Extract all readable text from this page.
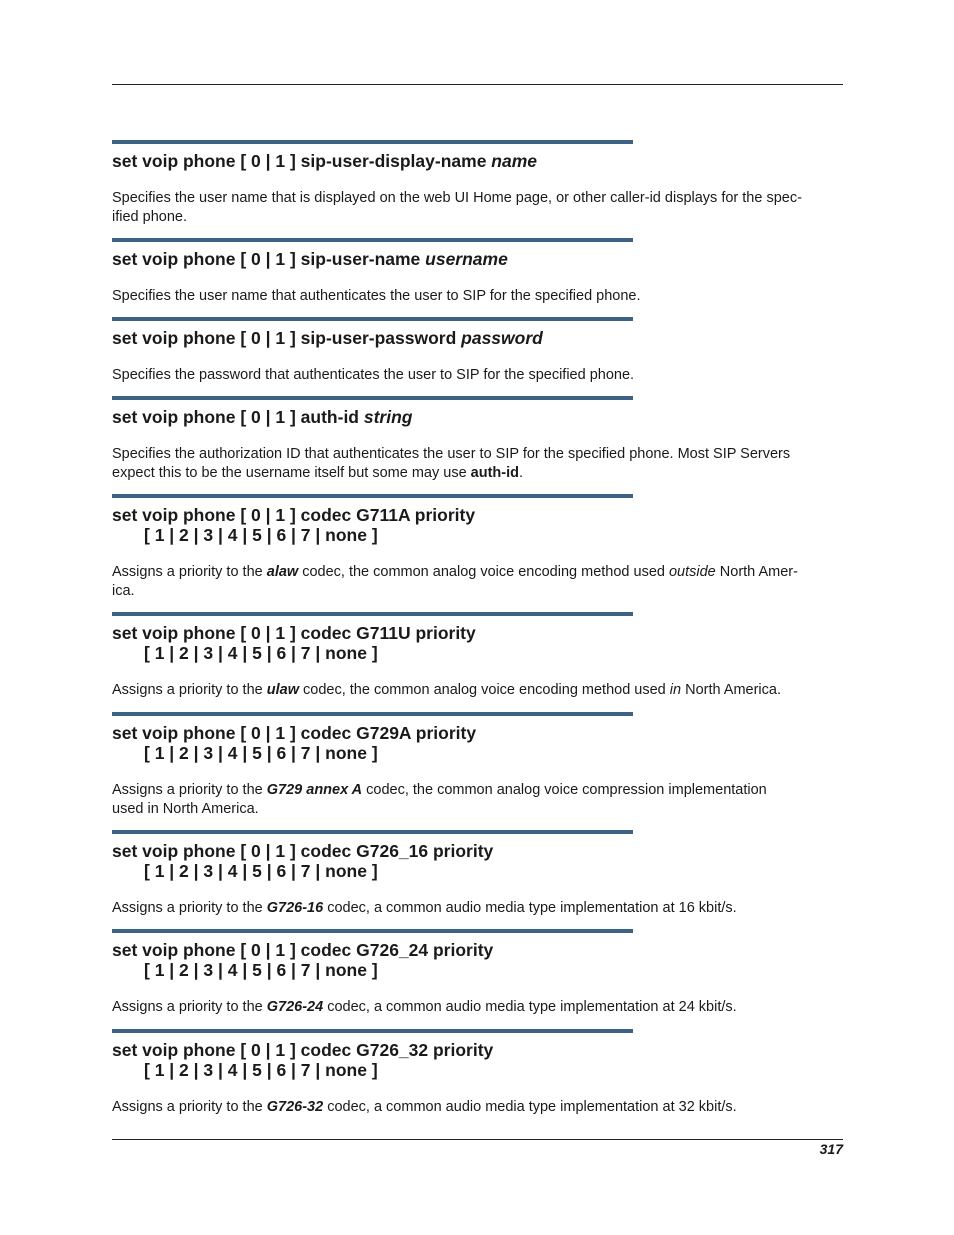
set voip phone [ 0 | 1 ] sip-user-display-name name

Specifies the user name that is displayed on the web UI Home page, or other caller-id displays for the spec-
ified phone.

set voip phone [ 0 | 1 ] sip-user-name username

Specifies the user name that authenticates the user to SIP for the specified phone.

set voip phone [ 0 | 1 ] sip-user-password password

Specifies the password that authenticates the user to SIP for the specified phone.

set voip phone [ 0 | 1 ] auth-id string

Specifies the authorization ID that authenticates the user to SIP for the specified phone. Most SIP Servers
expect this to be the username itself but some may use auth-id.

set voip phone [ 0 | 1 ] codec G711A priority
[ 1 | 2 | 3 | 4 | 5 | 6 | 7 | none ]

Assigns a priority to the alaw codec, the common analog voice encoding method used outside North Amer-
ica.

set voip phone [ 0 | 1 ] codec G711U priority
[ 1 | 2 | 3 | 4 | 5 | 6 | 7 | none ]

Assigns a priority to the ulaw codec, the common analog voice encoding method used in North America.

set voip phone [ 0 | 1 ] codec G729A priority
[ 1 | 2 | 3 | 4 | 5 | 6 | 7 | none ]

Assigns a priority to the G729 annex A codec, the common analog voice compression implementation
used in North America.

set voip phone [ 0 | 1 ] codec G726_16 priority
[ 1 | 2 | 3 | 4 | 5 | 6 | 7 | none ]

Assigns a priority to the G726-16 codec, a common audio media type implementation at 16 kbit/s.

set voip phone [ 0 | 1 ] codec G726_24 priority
[ 1 | 2 | 3 | 4 | 5 | 6 | 7 | none ]

Assigns a priority to the G726-24 codec, a common audio media type implementation at 24 kbit/s.

set voip phone [ 0 | 1 ] codec G726_32 priority
[ 1 | 2 | 3 | 4 | 5 | 6 | 7 | none ]

Assigns a priority to the G726-32 codec, a common audio media type implementation at 32 kbit/s.

317
